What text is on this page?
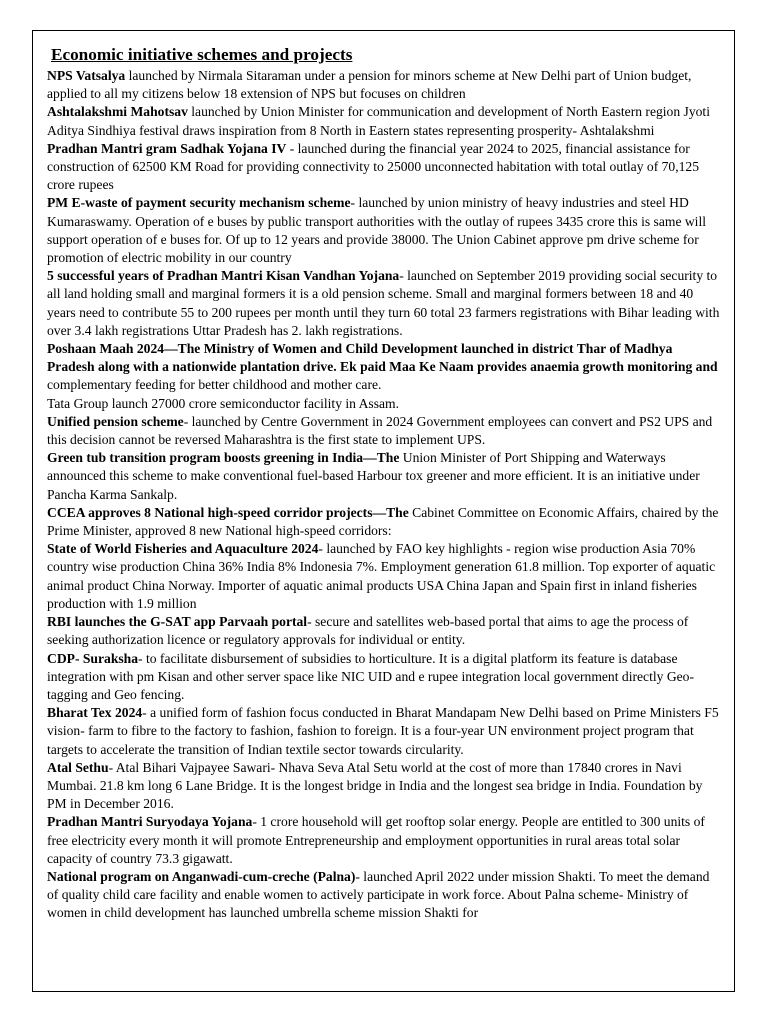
Economic initiative schemes and projects

NPS Vatsalya launched by Nirmala Sitaraman under a pension for minors scheme at New Delhi part of Union budget, applied to all my citizens below 18 extension of NPS but focuses on children

Ashtalakshmi Mahotsav launched by Union Minister for communication and development of North Eastern region Jyoti Aditya Sindhiya festival draws inspiration from 8 North in Eastern states representing prosperity- Ashtalakshmi

Pradhan Mantri gram Sadhak Yojana IV - launched during the financial year 2024 to 2025, financial assistance for construction of 62500 KM Road for providing connectivity to 25000 unconnected habitation with total outlay of 70,125 crore rupees

PM E-waste of payment security mechanism scheme- launched by union ministry of heavy industries and steel HD Kumaraswamy. Operation of e buses by public transport authorities with the outlay of rupees 3435 crore this is same will support operation of e buses for. Of up to 12 years and provide 38000. The Union Cabinet approve pm drive scheme for promotion of electric mobility in our country

5 successful years of Pradhan Mantri Kisan Vandhan Yojana- launched on September 2019 providing social security to all land holding small and marginal formers it is a old pension scheme. Small and marginal formers between 18 and 40 years need to contribute 55 to 200 rupees per month until they turn 60 total 23 farmers registrations with Bihar leading with over 3.4 lakh registrations Uttar Pradesh has 2. lakh registrations.

Poshaan Maah 2024—The Ministry of Women and Child Development launched in district Thar of Madhya Pradesh along with a nationwide plantation drive. Ek paid Maa Ke Naam provides anaemia growth monitoring and complementary feeding for better childhood and mother care.

Tata Group launch 27000 crore semiconductor facility in Assam.

Unified pension scheme- launched by Centre Government in 2024 Government employees can convert and PS2 UPS and this decision cannot be reversed Maharashtra is the first state to implement UPS.

Green tub transition program boosts greening in India—The Union Minister of Port Shipping and Waterways announced this scheme to make conventional fuel-based Harbour tox greener and more efficient. It is an initiative under Pancha Karma Sankalp.

CCEA approves 8 National high-speed corridor projects—The Cabinet Committee on Economic Affairs, chaired by the Prime Minister, approved 8 new National high-speed corridors:

State of World Fisheries and Aquaculture 2024- launched by FAO key highlights - region wise production Asia 70% country wise production China 36% India 8% Indonesia 7%. Employment generation 61.8 million. Top exporter of aquatic animal product China Norway. Importer of aquatic animal products USA China Japan and Spain first in inland fisheries production with 1.9 million

RBI launches the G-SAT app Parvaah portal- secure and satellites web-based portal that aims to age the process of seeking authorization licence or regulatory approvals for individual or entity.

CDP- Suraksha- to facilitate disbursement of subsidies to horticulture. It is a digital platform its feature is database integration with pm Kisan and other server space like NIC UID and e rupee integration local government directly Geo-tagging and Geo fencing.

Bharat Tex 2024- a unified form of fashion focus conducted in Bharat Mandapam New Delhi based on Prime Ministers F5 vision- farm to fibre to the factory to fashion, fashion to foreign. It is a four-year UN environment project program that targets to accelerate the transition of Indian textile sector towards circularity.

Atal Sethu- Atal Bihari Vajpayee Sawari- Nhava Seva Atal Setu world at the cost of more than 17840 crores in Navi Mumbai. 21.8 km long 6 Lane Bridge. It is the longest bridge in India and the longest sea bridge in India. Foundation by PM in December 2016.

Pradhan Mantri Suryodaya Yojana- 1 crore household will get rooftop solar energy. People are entitled to 300 units of free electricity every month it will promote Entrepreneurship and employment opportunities in rural areas total solar capacity of country 73.3 gigawatt.

National program on Anganwadi-cum-creche (Palna)- launched April 2022 under mission Shakti. To meet the demand of quality child care facility and enable women to actively participate in work force. About Palna scheme- Ministry of women in child development has launched umbrella scheme mission Shakti for
